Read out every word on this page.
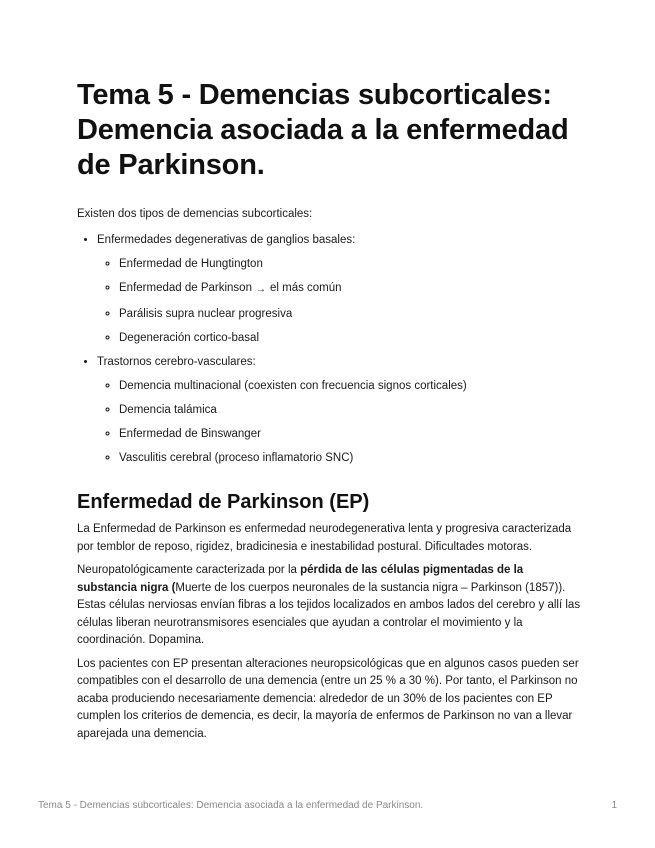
Tema 5 - Demencias subcorticales: Demencia asociada a la enfermedad de Parkinson.

Existen dos tipos de demencias subcorticales:

• Enfermedades degenerativas de ganglios basales:
◦ Enfermedad de Hungtington
◦ Enfermedad de Parkinson → el más común
◦ Parálisis supra nuclear progresiva
◦ Degeneración cortico-basal
• Trastornos cerebro-vasculares:
◦ Demencia multinacional (coexisten con frecuencia signos corticales)
◦ Demencia talámica
◦ Enfermedad de Binswanger
◦ Vasculitis cerebral (proceso inflamatorio SNC)
Enfermedad de Parkinson (EP)

La Enfermedad de Parkinson es enfermedad neurodegenerativa lenta y progresiva caracterizada por temblor de reposo, rigidez, bradicinesia e inestabilidad postural. Dificultades motoras.

Neuropatológicamente caracterizada por la pérdida de las células pigmentadas de la substancia nigra (Muerte de los cuerpos neuronales de la sustancia nigra – Parkinson (1857)). Estas células nerviosas envían fibras a los tejidos localizados en ambos lados del cerebro y allí las células liberan neurotransmisores esenciales que ayudan a controlar el movimiento y la coordinación. Dopamina.

Los pacientes con EP presentan alteraciones neuropsicológicas que en algunos casos pueden ser compatibles con el desarrollo de una demencia (entre un 25 % a 30 %). Por tanto, el Parkinson no acaba produciendo necesariamente demencia: alrededor de un 30% de los pacientes con EP cumplen los criterios de demencia, es decir, la mayoría de enfermos de Parkinson no van a llevar aparejada una demencia.

Tema 5 - Demencias subcorticales: Demencia asociada a la enfermedad de Parkinson.	1
